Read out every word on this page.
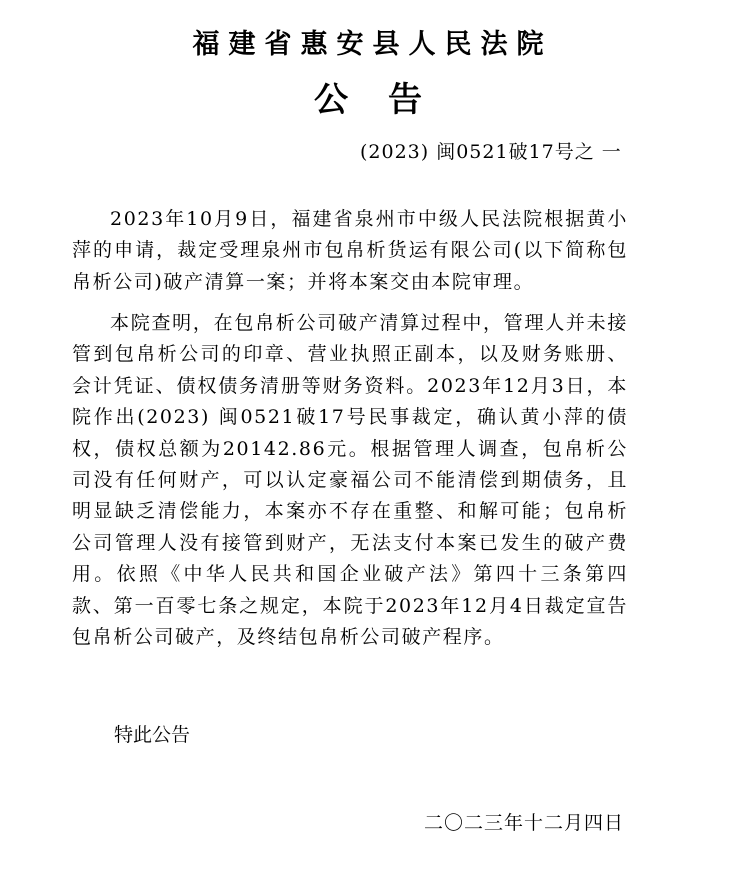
福建省惠安县人民法院
公告
(2023) 闽0521破17号之 一

2023年10月9日，福建省泉州市中级人民法院根据黄小萍的申请，裁定受理泉州市包帛析货运有限公司(以下简称包帛析公司)破产清算一案；并将本案交由本院审理。

本院查明，在包帛析公司破产清算过程中，管理人并未接管到包帛析公司的印章、营业执照正副本，以及财务账册、会计凭证、债权债务清册等财务资料。2023年12月3日，本院作出(2023) 闽0521破17号民事裁定，确认黄小萍的债权，债权总额为20142.86元。根据管理人调查，包帛析公司没有任何财产，可以认定豪福公司不能清偿到期债务，且明显缺乏清偿能力，本案亦不存在重整、和解可能；包帛析公司管理人没有接管到财产，无法支付本案已发生的破产费用。依照《中华人民共和国企业破产法》第四十三条第四款、第一百零七条之规定，本院于2023年12月4日裁定宣告包帛析公司破产，及终结包帛析公司破产程序。

特此公告
二〇二三年十二月四日
